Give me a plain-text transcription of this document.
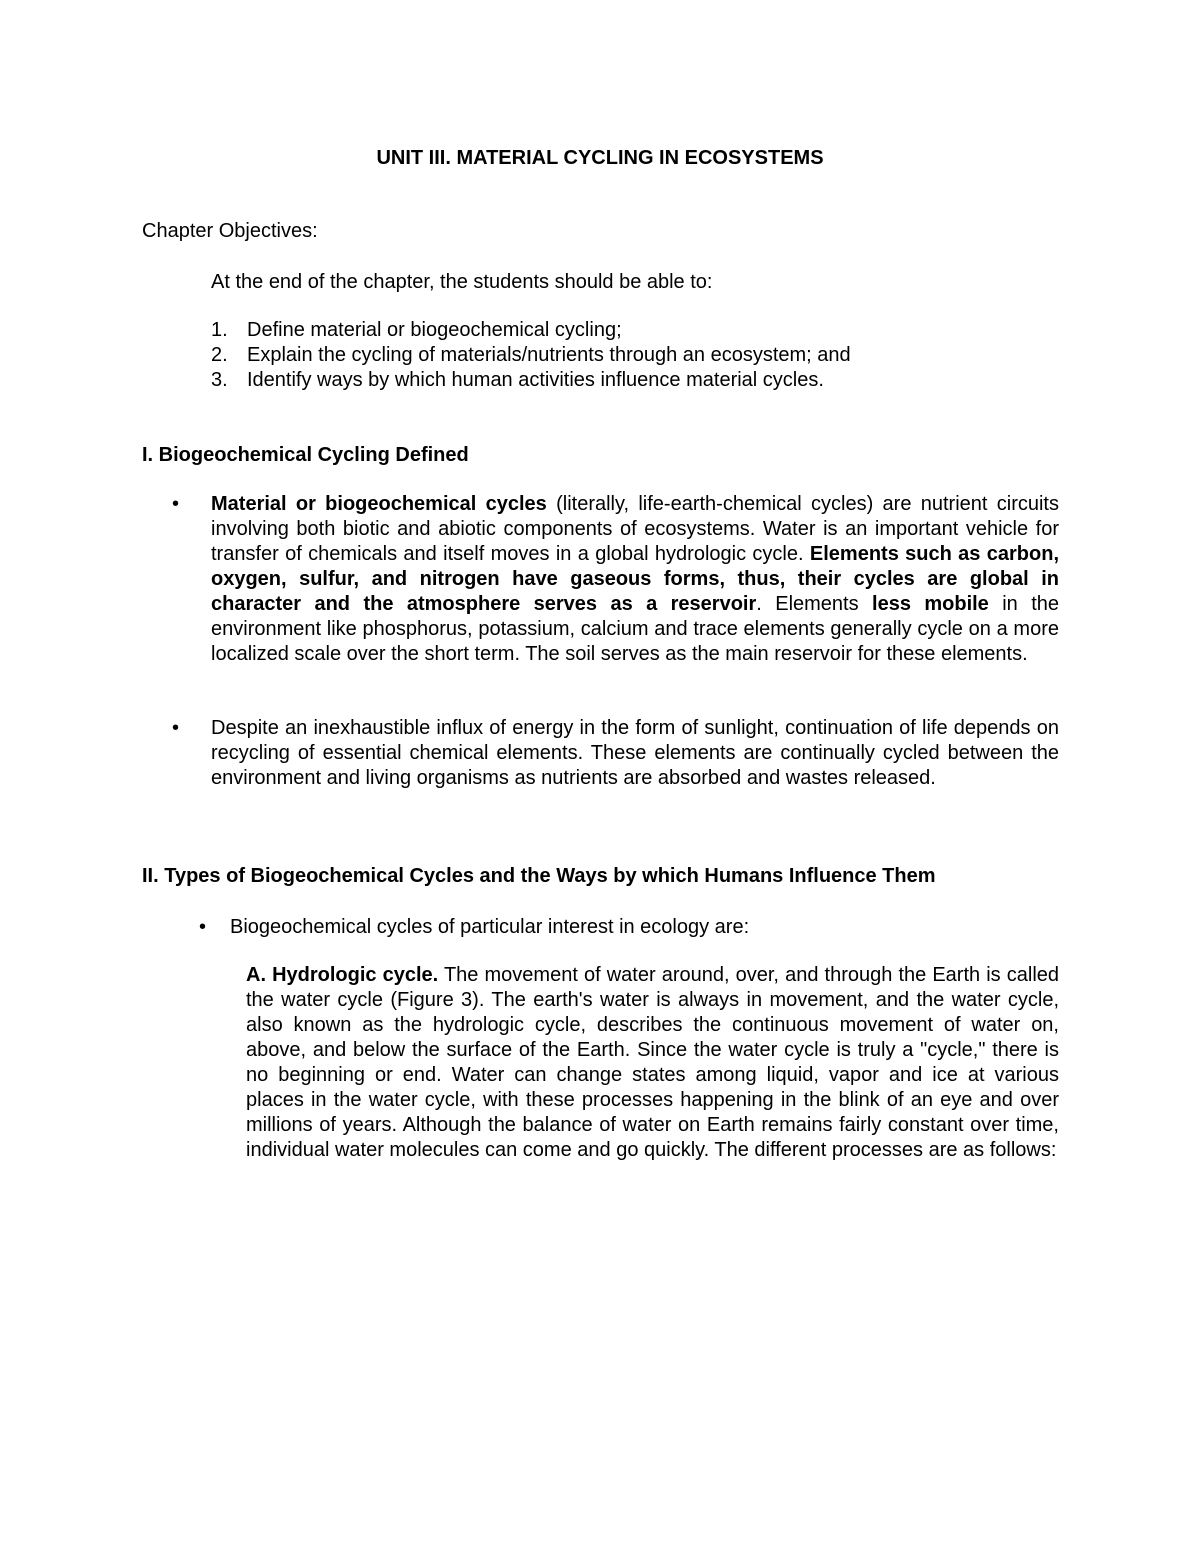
UNIT III. MATERIAL CYCLING IN ECOSYSTEMS
Chapter Objectives:
At the end of the chapter, the students should be able to:
1. Define material or biogeochemical cycling;
2. Explain the cycling of materials/nutrients through an ecosystem; and
3. Identify ways by which human activities influence material cycles.
I. Biogeochemical Cycling Defined
• Material or biogeochemical cycles (literally, life-earth-chemical cycles) are nutrient circuits involving both biotic and abiotic components of ecosystems. Water is an important vehicle for transfer of chemicals and itself moves in a global hydrologic cycle. Elements such as carbon, oxygen, sulfur, and nitrogen have gaseous forms, thus, their cycles are global in character and the atmosphere serves as a reservoir. Elements less mobile in the environment like phosphorus, potassium, calcium and trace elements generally cycle on a more localized scale over the short term. The soil serves as the main reservoir for these elements.
• Despite an inexhaustible influx of energy in the form of sunlight, continuation of life depends on recycling of essential chemical elements. These elements are continually cycled between the environment and living organisms as nutrients are absorbed and wastes released.
II. Types of Biogeochemical Cycles and the Ways by which Humans Influence Them
• Biogeochemical cycles of particular interest in ecology are:
A. Hydrologic cycle. The movement of water around, over, and through the Earth is called the water cycle (Figure 3). The earth's water is always in movement, and the water cycle, also known as the hydrologic cycle, describes the continuous movement of water on, above, and below the surface of the Earth. Since the water cycle is truly a "cycle," there is no beginning or end. Water can change states among liquid, vapor and ice at various places in the water cycle, with these processes happening in the blink of an eye and over millions of years. Although the balance of water on Earth remains fairly constant over time, individual water molecules can come and go quickly. The different processes are as follows:
